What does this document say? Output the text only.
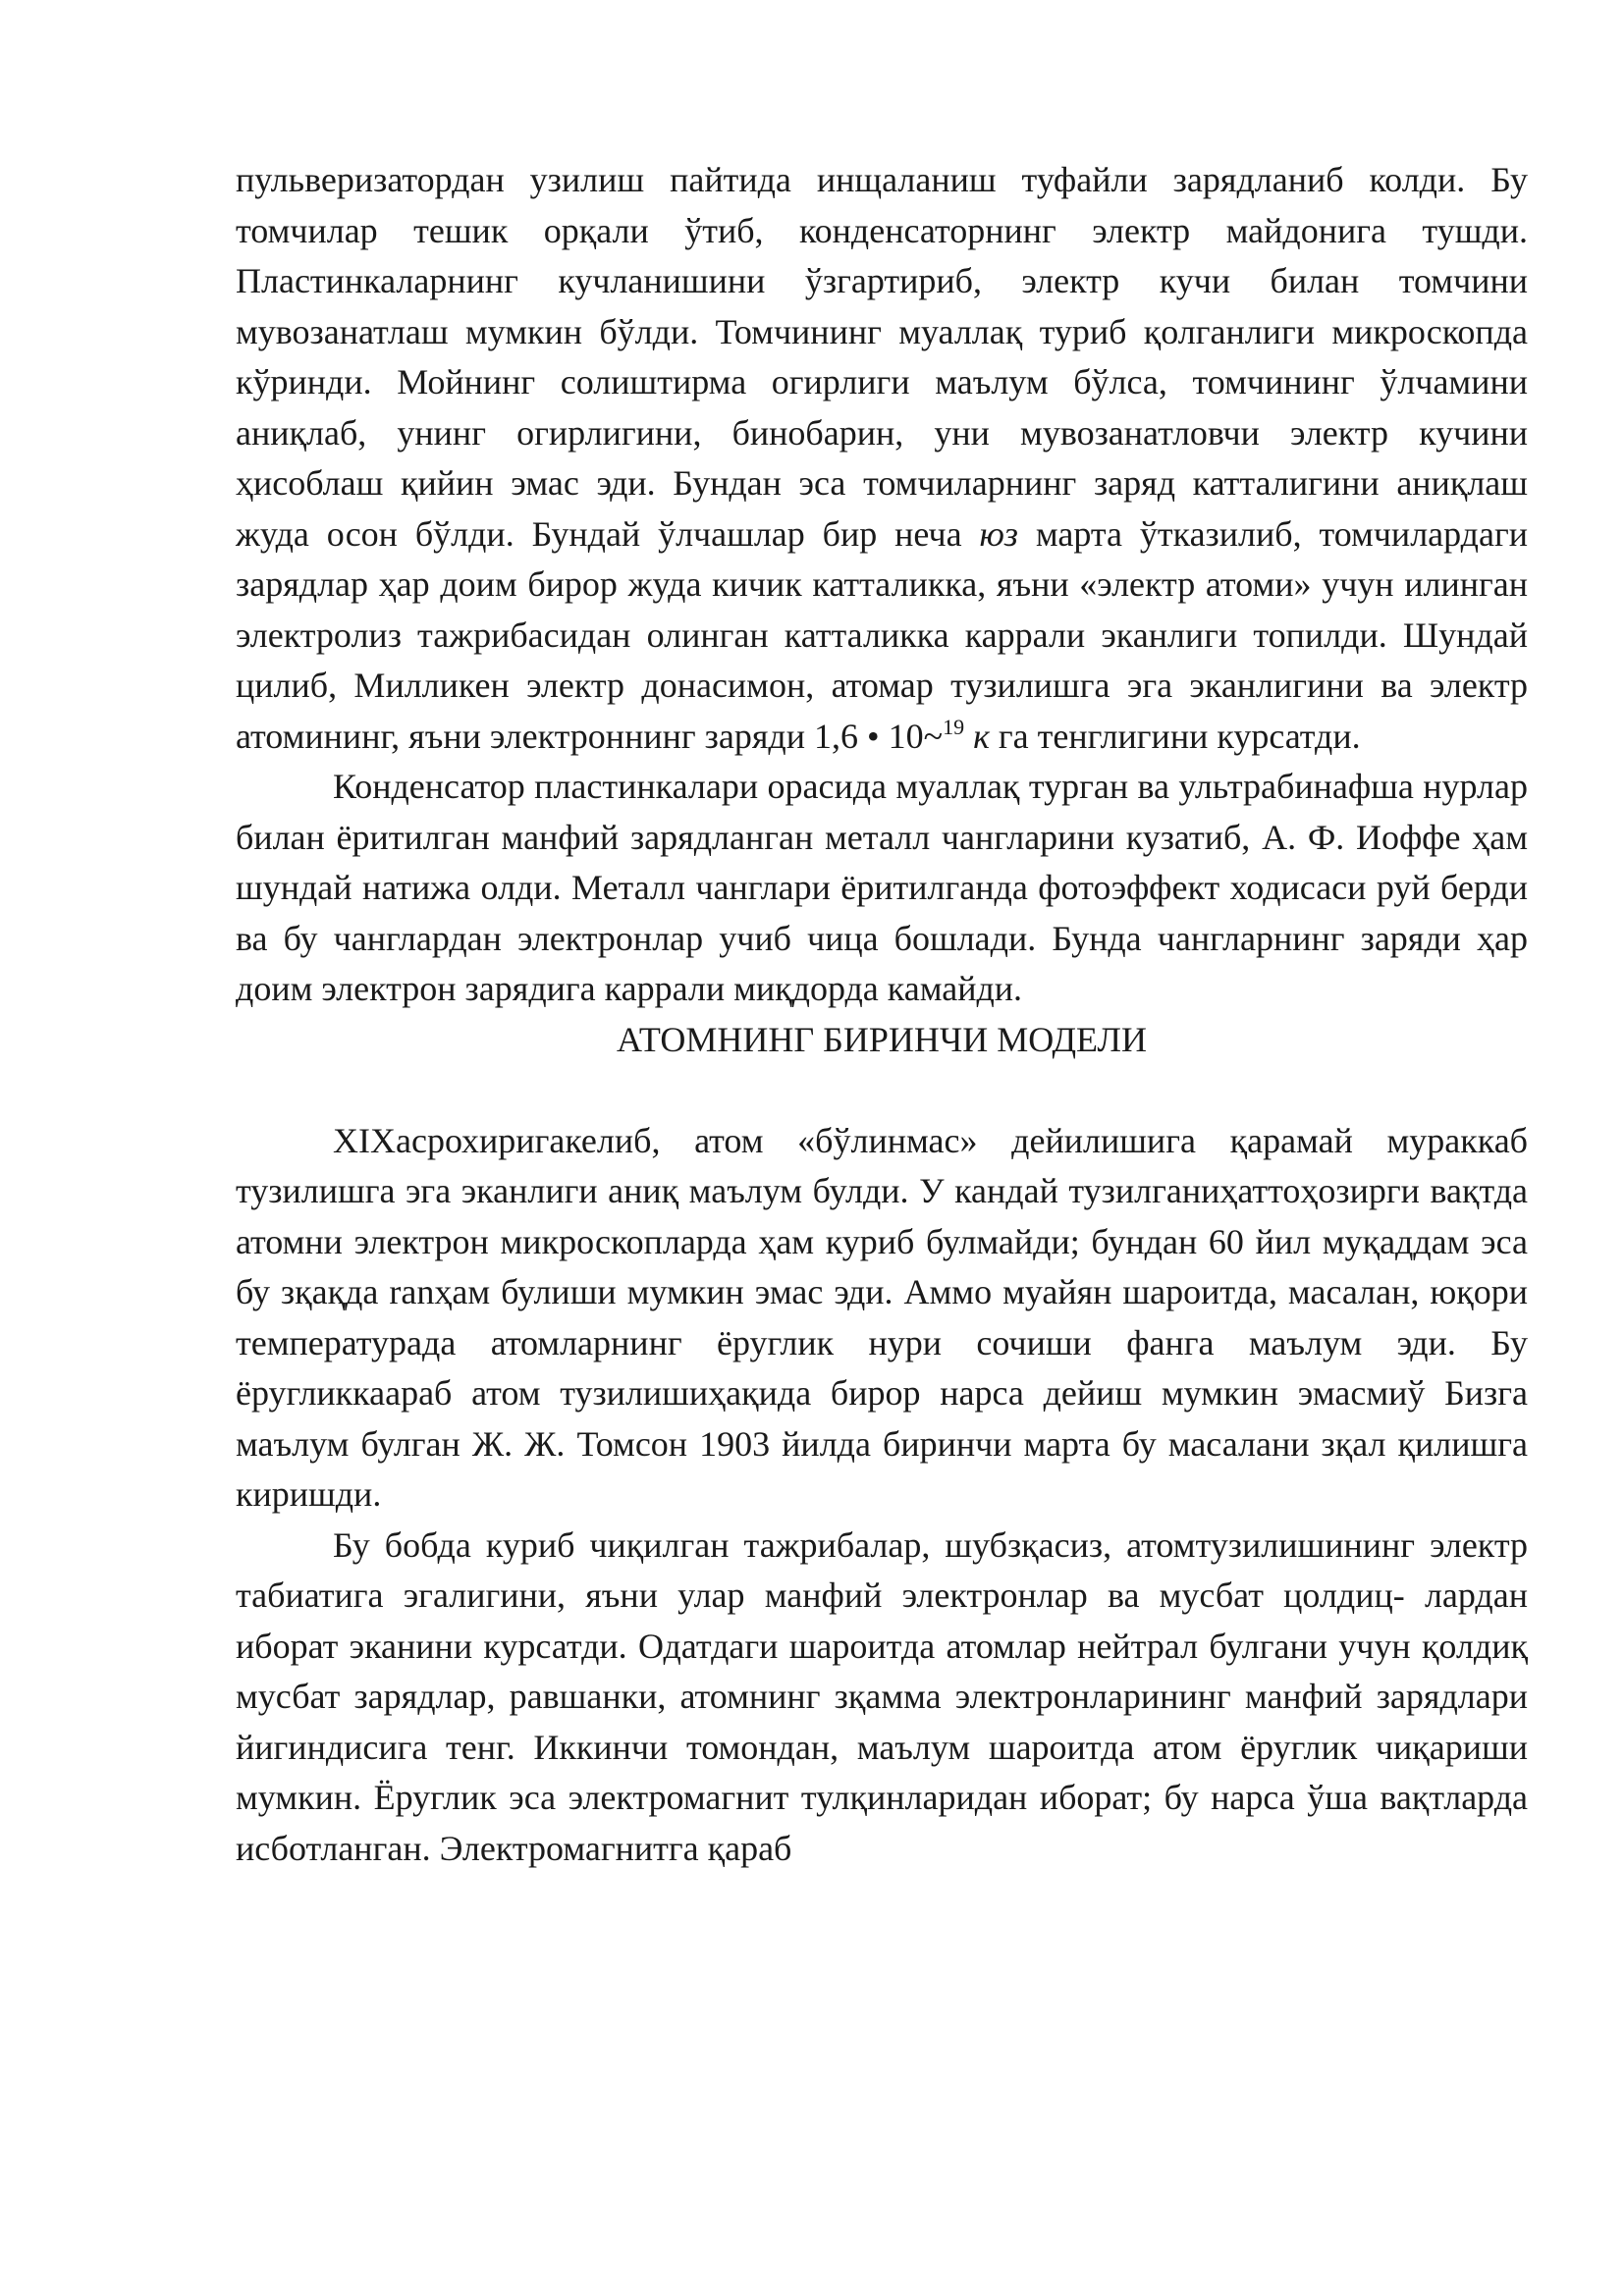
пульверизатордан узилиш пайтида инщаланиш туфайли зарядланиб колди. Бу томчилар тешик орқали ўтиб, конденсаторнинг электр майдонига тушди. Пластинкаларнинг кучланишини ўзгартириб, электр кучи билан томчини мувозанатлаш мумкин бўлди. Томчининг муаллақ туриб қолганлиги микроскопда кўринди. Мойнинг солиштирма огирлиги маълум бўлса, томчининг ўлчамини аниқлаб, унинг огирлигини, бинобарин, уни мувозанатловчи электр кучини ҳисоблаш қийин эмас эди. Бундан эса томчиларнинг заряд катталигини аниқлаш жуда осон бўлди. Бундай ўлчашлар бир неча юз марта ўтказилиб, томчилардаги зарядлар ҳар доим бирор жуда кичик катталикка, яъни «электр атоми» учун илинган электролиз тажрибасидан олинган катталикка каррали эканлиги топилди. Шундай цилиб, Милликен электр донасимон, атомар тузилишга эга эканлигини ва электр атомининг, яъни электроннинг заряди 1,6 • 10~$^{19}$ к га тенглигини курсатди.

Конденсатор пластинкалари орасида муаллақ турган ва ультрабинафша нурлар билан ёритилган манфий зарядланган металл чангларини кузатиб, А. Ф. Иоффе ҳам шундай натижа олди. Металл чанглари ёритилганда фотоэффект ходисаси руй берди ва бу чанглардан электронлар учиб чица бошлади. Бунда чангларнинг заряди ҳар доим электрон зарядига каррали миқдорда камайди.

АТОМНИНГ БИРИНЧИ МОДЕЛИ

XIXасрохиригакелиб, атом «бўлинмас» дейилишига қарамай мураккаб тузилишга эга эканлиги аниқ маълум булди. У кандай тузилганиҳаттоҳозирги вақтда атомни электрон микроскопларда ҳам куриб булмайди; бундан 60 йил муқаддам эса бу зқақда ranҳам булиши мумкин эмас эди. Аммо муайян шароитда, масалан, юқори температурада атомларнинг ёруглик нури сочиши фанга маълум эди. Бу ёругликкаараб атом тузилишиҳақида бирор нарса дейиш мумкин эмасмиў Бизга маълум булган Ж. Ж. Томсон 1903 йилда биринчи марта бу масалани зқал қилишга киришди.

Бу бобда куриб чиқилган тажрибалар, шубзқасиз, атомтузилишининг электр табиатига эгалигини, яъни улар манфий электронлар ва мусбат цолдиц- лардан иборат эканини курсатди. Одатдаги шароитда атомлар нейтрал булгани учун қолдиқ мусбат зарядлар, равшанки, атомнинг зқамма электронларининг манфий зарядлари йигиндисига тенг. Иккинчи томондан, маълум шароитда атом ёруглик чиқариши мумкин. Ёруглик эса электромагнит тулқинларидан иборат; бу нарса ўша вақтларда исботланган. Электромагнитга қараб
